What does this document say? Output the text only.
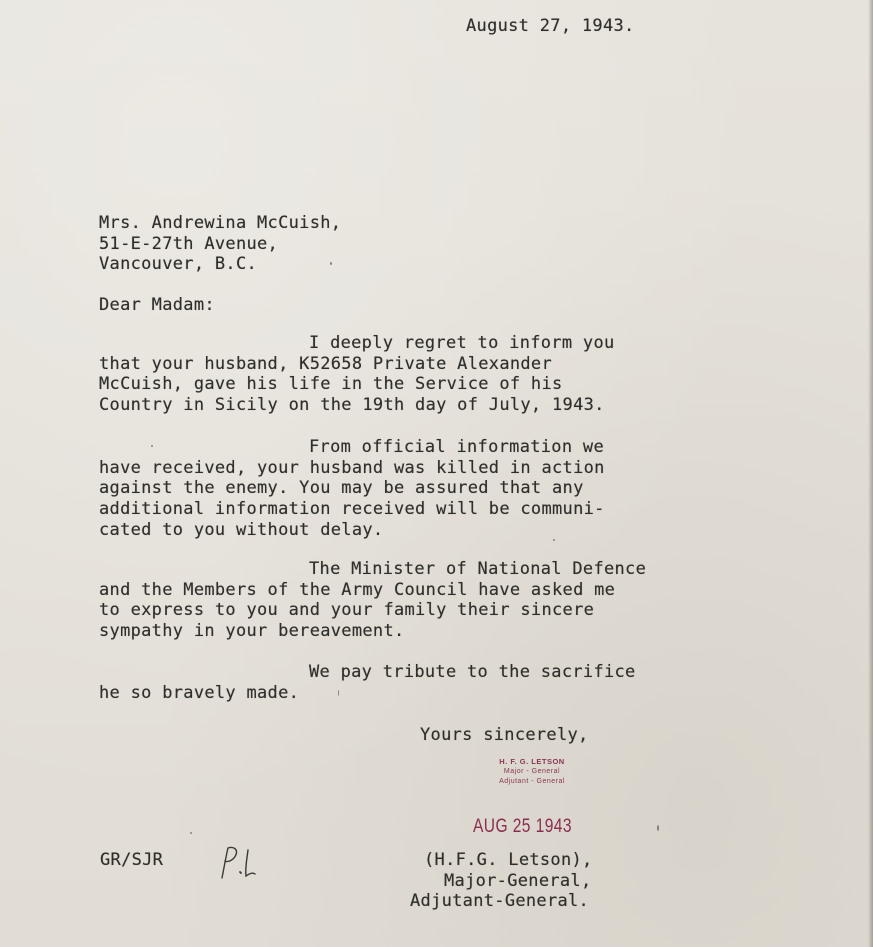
August 27, 1943.
Mrs. Andrewina McCuish,
51-E-27th Avenue,
Vancouver, B.C.
Dear Madam:
I deeply regret to inform you
that your husband, K52658 Private Alexander
McCuish, gave his life in the Service of his
Country in Sicily on the 19th day of July, 1943.
From official information we
have received, your husband was killed in action
against the enemy. You may be assured that any
additional information received will be communi-
cated to you without delay.
The Minister of National Defence
and the Members of the Army Council have asked me
to express to you and your family their sincere
sympathy in your bereavement.
We pay tribute to the sacrifice
he so bravely made.
Yours sincerely,
H. F. G. LETSON
Major - General
Adjutant - General
AUG 25 1943
GR/SJR	(H.F.G. Letson),
Major-General,
Adjutant-General.
